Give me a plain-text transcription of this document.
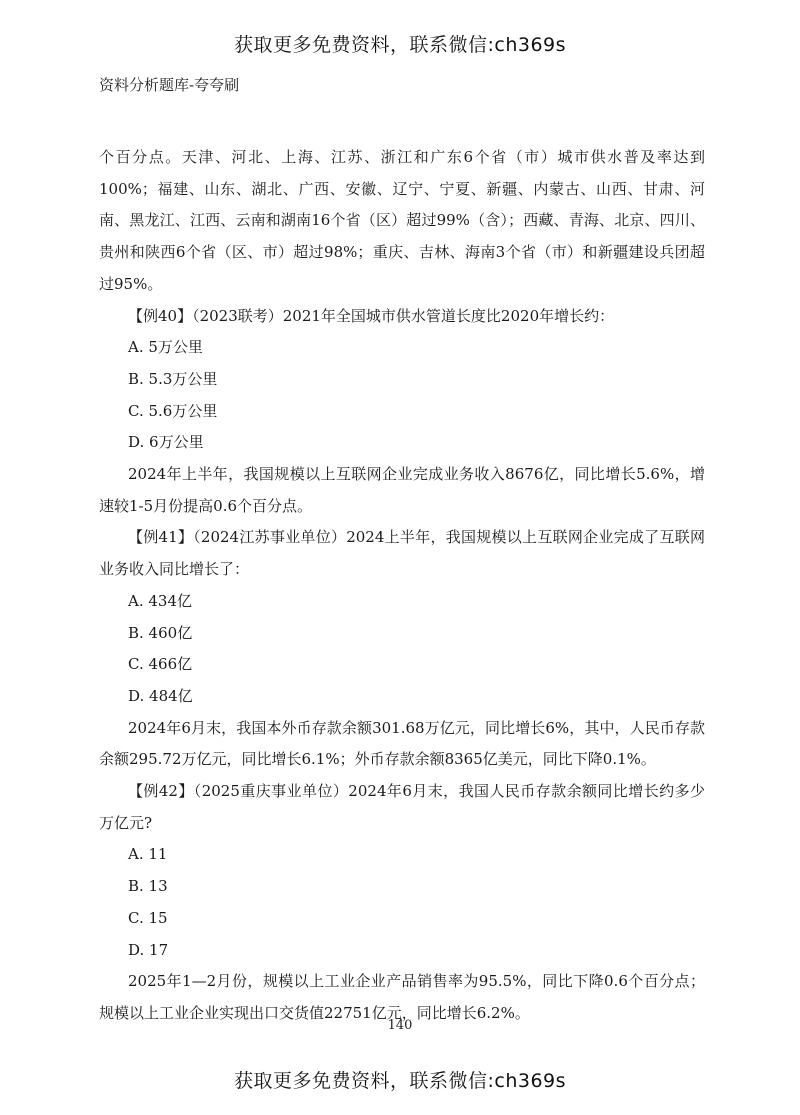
获取更多免费资料，联系微信:ch369s
资料分析题库-夸夸刷

个百分点。天津、河北、上海、江苏、浙江和广东6个省（市）城市供水普及率达到100%；福建、山东、湖北、广西、安徽、辽宁、宁夏、新疆、内蒙古、山西、甘肃、河南、黑龙江、江西、云南和湖南16个省（区）超过99%（含）；西藏、青海、北京、四川、贵州和陕西6个省（区、市）超过98%；重庆、吉林、海南3个省（市）和新疆建设兵团超过95%。

【例40】（2023联考）2021年全国城市供水管道长度比2020年增长约：

A. 5万公里

B. 5.3万公里

C. 5.6万公里

D. 6万公里

2024年上半年，我国规模以上互联网企业完成业务收入8676亿，同比增长5.6%，增速较1-5月份提高0.6个百分点。

【例41】（2024江苏事业单位）2024上半年，我国规模以上互联网企业完成了互联网业务收入同比增长了：

A. 434亿

B. 460亿

C. 466亿

D. 484亿

2024年6月末，我国本外币存款余额301.68万亿元，同比增长6%，其中，人民币存款余额295.72万亿元，同比增长6.1%；外币存款余额8365亿美元，同比下降0.1%。

【例42】（2025重庆事业单位）2024年6月末，我国人民币存款余额同比增长约多少万亿元?

A. 11

B. 13

C. 15

D. 17

2025年1—2月份，规模以上工业企业产品销售率为95.5%，同比下降0.6个百分点；规模以上工业企业实现出口交货值22751亿元，同比增长6.2%。

140
获取更多免费资料，联系微信:ch369s
